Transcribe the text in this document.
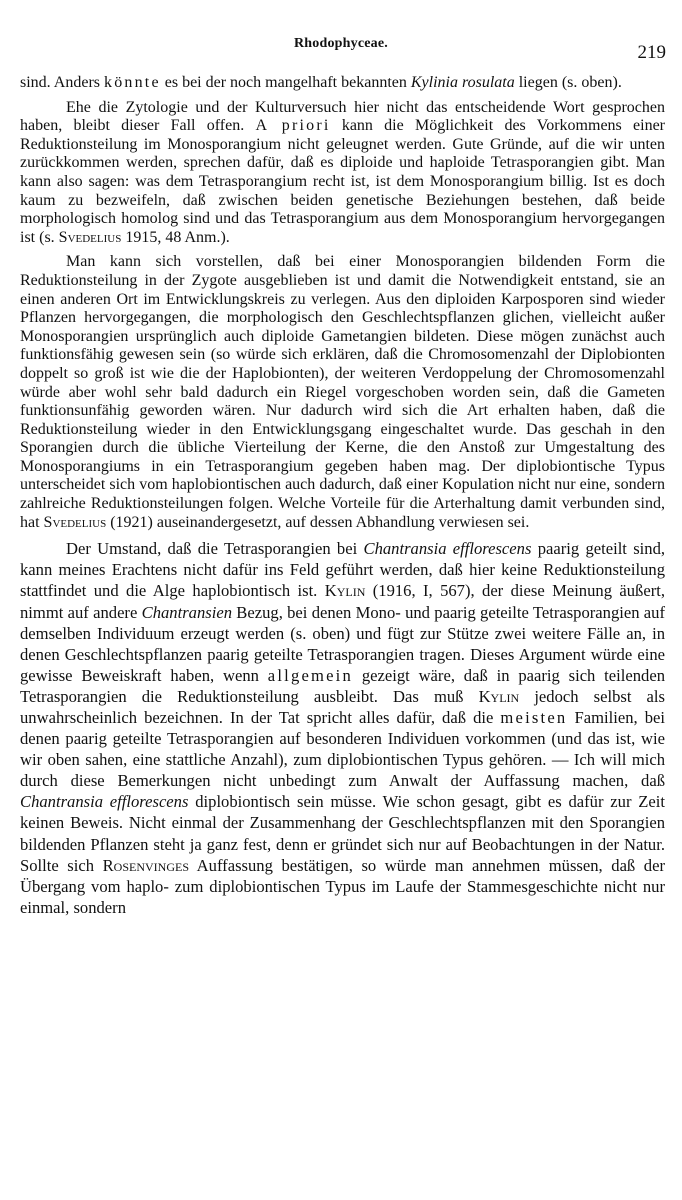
Rhodophyceae.	219

sind. Anders könnte es bei der noch mangelhaft bekannten Kylinia rosulata liegen (s. oben).

Ehe die Zytologie und der Kulturversuch hier nicht das entscheidende Wort gesprochen haben, bleibt dieser Fall offen. A priori kann die Möglichkeit des Vorkommens einer Reduktionsteilung im Monosporangium nicht geleugnet werden. Gute Gründe, auf die wir unten zurückkommen werden, sprechen dafür, daß es diploide und haploide Tetrasporangien gibt. Man kann also sagen: was dem Tetrasporangium recht ist, ist dem Monosporangium billig. Ist es doch kaum zu bezweifeln, daß zwischen beiden genetische Beziehungen bestehen, daß beide morphologisch homolog sind und das Tetrasporangium aus dem Monosporangium hervorgegangen ist (s. Svedelius 1915, 48 Anm.).

Man kann sich vorstellen, daß bei einer Monosporangien bildenden Form die Reduktionsteilung in der Zygote ausgeblieben ist und damit die Notwendigkeit entstand, sie an einen anderen Ort im Entwicklungskreis zu verlegen. Aus den diploiden Karposporen sind wieder Pflanzen hervorgegangen, die morphologisch den Geschlechtspflanzen glichen, vielleicht außer Monosporangien ursprünglich auch diploide Gametangien bildeten. Diese mögen zunächst auch funktionsfähig gewesen sein (so würde sich erklären, daß die Chromosomenzahl der Diplobionten doppelt so groß ist wie die der Haplobionten), der weiteren Verdoppelung der Chromosomenzahl würde aber wohl sehr bald dadurch ein Riegel vorgeschoben worden sein, daß die Gameten funktionsunfähig geworden wären. Nur dadurch wird sich die Art erhalten haben, daß die Reduktionsteilung wieder in den Entwicklungsgang eingeschaltet wurde. Das geschah in den Sporangien durch die übliche Vierteilung der Kerne, die den Anstoß zur Umgestaltung des Monosporangiums in ein Tetrasporangium gegeben haben mag. Der diplobiontische Typus unterscheidet sich vom haplobiontischen auch dadurch, daß einer Kopulation nicht nur eine, sondern zahlreiche Reduktionsteilungen folgen. Welche Vorteile für die Arterhaltung damit verbunden sind, hat Svedelius (1921) auseinandergesetzt, auf dessen Abhandlung verwiesen sei.

Der Umstand, daß die Tetrasporangien bei Chantransia efflorescens paarig geteilt sind, kann meines Erachtens nicht dafür ins Feld geführt werden, daß hier keine Reduktionsteilung stattfindet und die Alge haplobiontisch ist. Kylin (1916, I, 567), der diese Meinung äußert, nimmt auf andere Chantransien Bezug, bei denen Mono- und paarig geteilte Tetrasporangien auf demselben Individuum erzeugt werden (s. oben) und fügt zur Stütze zwei weitere Fälle an, in denen Geschlechtspflanzen paarig geteilte Tetrasporangien tragen. Dieses Argument würde eine gewisse Beweiskraft haben, wenn allgemein gezeigt wäre, daß in paarig sich teilenden Tetrasporangien die Reduktionsteilung ausbleibt. Das muß Kylin jedoch selbst als unwahrscheinlich bezeichnen. In der Tat spricht alles dafür, daß die meisten Familien, bei denen paarig geteilte Tetrasporangien auf besonderen Individuen vorkommen (und das ist, wie wir oben sahen, eine stattliche Anzahl), zum diplobiontischen Typus gehören. — Ich will mich durch diese Bemerkungen nicht unbedingt zum Anwalt der Auffassung machen, daß Chantransia efflorescens diplobiontisch sein müsse. Wie schon gesagt, gibt es dafür zur Zeit keinen Beweis. Nicht einmal der Zusammenhang der Geschlechtspflanzen mit den Sporangien bildenden Pflanzen steht ja ganz fest, denn er gründet sich nur auf Beobachtungen in der Natur. Sollte sich Rosenvinges Auffassung bestätigen, so würde man annehmen müssen, daß der Übergang vom haplo- zum diplobiontischen Typus im Laufe der Stammesgeschichte nicht nur einmal, sondern
